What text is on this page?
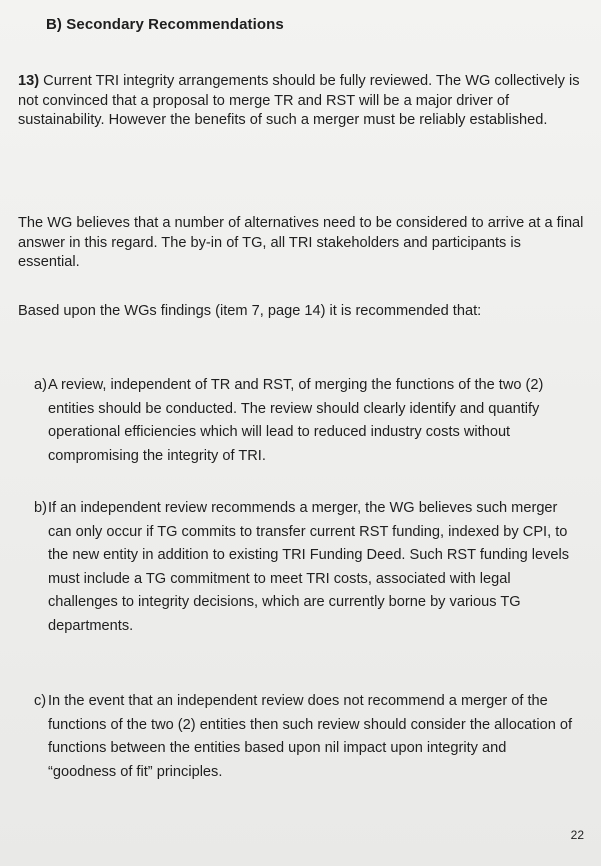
B) Secondary Recommendations
13) Current TRI integrity arrangements should be fully reviewed. The WG collectively is not convinced that a proposal to merge TR and RST will be a major driver of sustainability. However the benefits of such a merger must be reliably established.
The WG believes that a number of alternatives need to be considered to arrive at a final answer in this regard. The by-in of TG, all TRI stakeholders and participants is essential.
Based upon the WGs findings (item 7, page 14) it is recommended that:
a) A review, independent of TR and RST, of merging the functions of the two (2) entities should be conducted. The review should clearly identify and quantify operational efficiencies which will lead to reduced industry costs without compromising the integrity of TRI.
b) If an independent review recommends a merger, the WG believes such merger can only occur if TG commits to transfer current RST funding, indexed by CPI, to the new entity in addition to existing TRI Funding Deed. Such RST funding levels must include a TG commitment to meet TRI costs, associated with legal challenges to integrity decisions, which are currently borne by various TG departments.
c) In the event that an independent review does not recommend a merger of the functions of the two (2) entities then such review should consider the allocation of functions between the entities based upon nil impact upon integrity and “goodness of fit” principles.
22
